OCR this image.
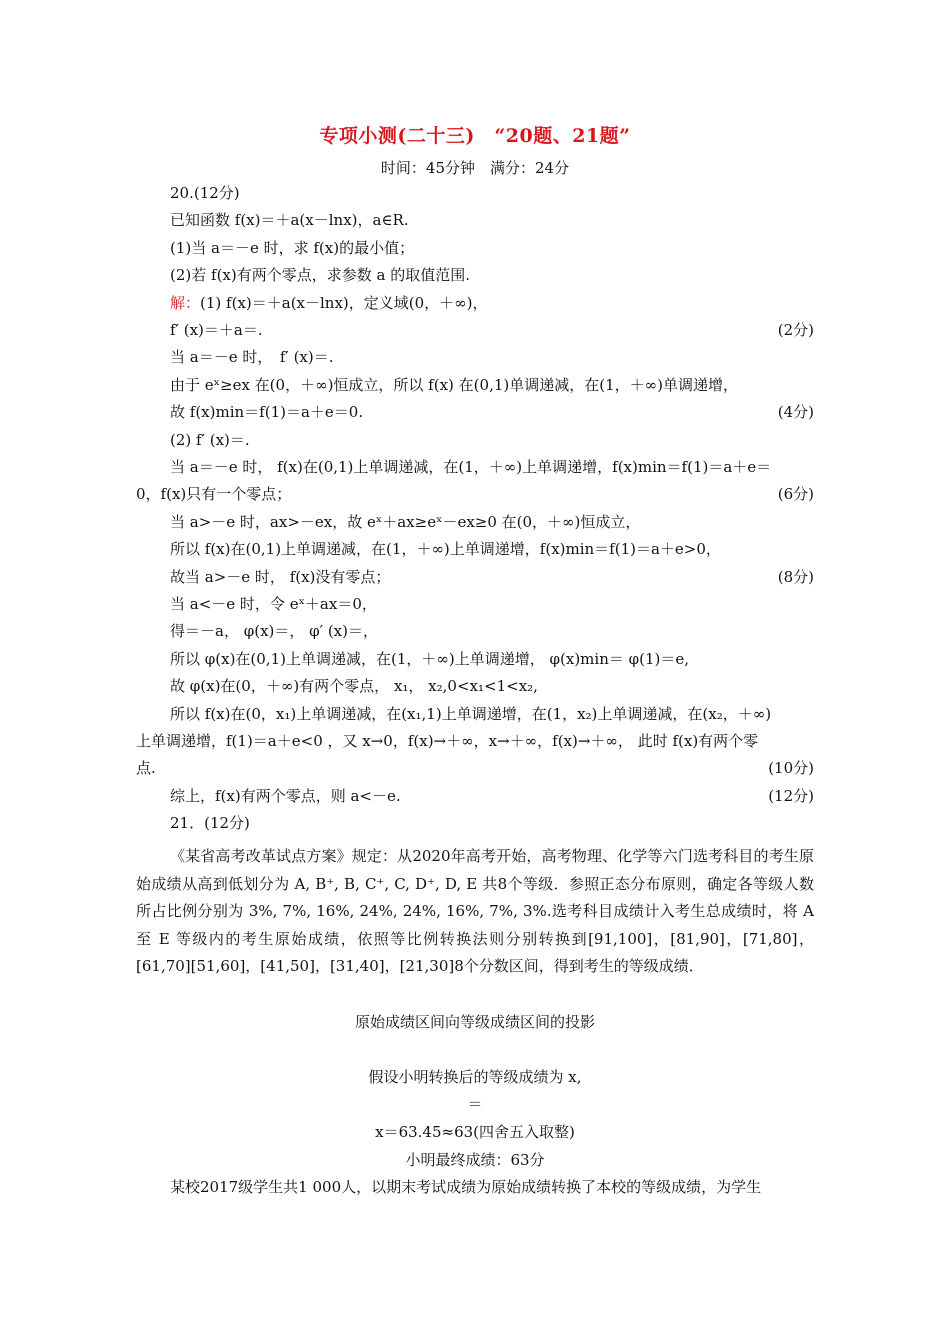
专项小测(二十三)　“20题、21题”
时间：45分钟　满分：24分
20.(12分)
已知函数 f(x)＝＋a(x－lnx)，a∈R.
(1)当 a＝－e 时，求 f(x)的最小值；
(2)若 f(x)有两个零点，求参数 a 的取值范围.
解：(1) f(x)＝＋a(x－lnx)，定义域(0，＋∞)，
f′ (x)＝＋a＝.	(2分)
当 a＝－e 时，　f′ (x)＝.
由于 eˣ≥ex 在(0，＋∞)恒成立，所以 f(x) 在(0,1)单调递减，在(1，＋∞)单调递增，
故 f(x)min＝f(1)＝a＋e＝0.	(4分)
(2) f′ (x)＝.
当 a＝－e 时， f(x)在(0,1)上单调递减，在(1，＋∞)上单调递增，f(x)min＝f(1)＝a＋e＝
0，f(x)只有一个零点；	(6分)
当 a>－e 时，ax>－ex，故 eˣ＋ax≥eˣ－ex≥0 在(0，＋∞)恒成立，
所以 f(x)在(0,1)上单调递减，在(1，＋∞)上单调递增，f(x)min＝f(1)＝a＋e>0，
故当 a>－e 时， f(x)没有零点；	(8分)
当 a<－e 时，令 eˣ＋ax＝0，
得＝－a， φ(x)＝， φ′ (x)＝，
所以 φ(x)在(0,1)上单调递减，在(1，＋∞)上单调递增， φ(x)min＝ φ(1)＝e,
故 φ(x)在(0，＋∞)有两个零点， x₁， x₂,0<x₁<1<x₂,
所以 f(x)在(0，x₁)上单调递减，在(x₁,1)上单调递增，在(1，x₂)上单调递减，在(x₂，＋∞)
上单调递增，f(1)＝a＋e<0 ，又 x→0，f(x)→＋∞，x→＋∞，f(x)→＋∞， 此时 f(x)有两个零
点.	(10分)
综上，f(x)有两个零点，则 a<－e.	(12分)
21．(12分)
《某省高考改革试点方案》规定：从2020年高考开始，高考物理、化学等六门选考科目的考生原始成绩从高到低划分为 A, B⁺, B, C⁺, C, D⁺, D, E 共8个等级．参照正态分布原则，确定各等级人数所占比例分别为 3%, 7%, 16%, 24%, 24%, 16%, 7%, 3%.选考科目成绩计入考生总成绩时，将 A 至 E 等级内的考生原始成绩，依照等比例转换法则分别转换到[91,100]，[81,90]，[71,80]，[61,70][51,60]，[41,50]，[31,40]，[21,30]8个分数区间，得到考生的等级成绩．
原始成绩区间向等级成绩区间的投影
假设小明转换后的等级成绩为 x,
＝
x＝63.45≈63(四舍五入取整)
小明最终成绩：63分
某校2017级学生共1 000人，以期末考试成绩为原始成绩转换了本校的等级成绩，为学生
